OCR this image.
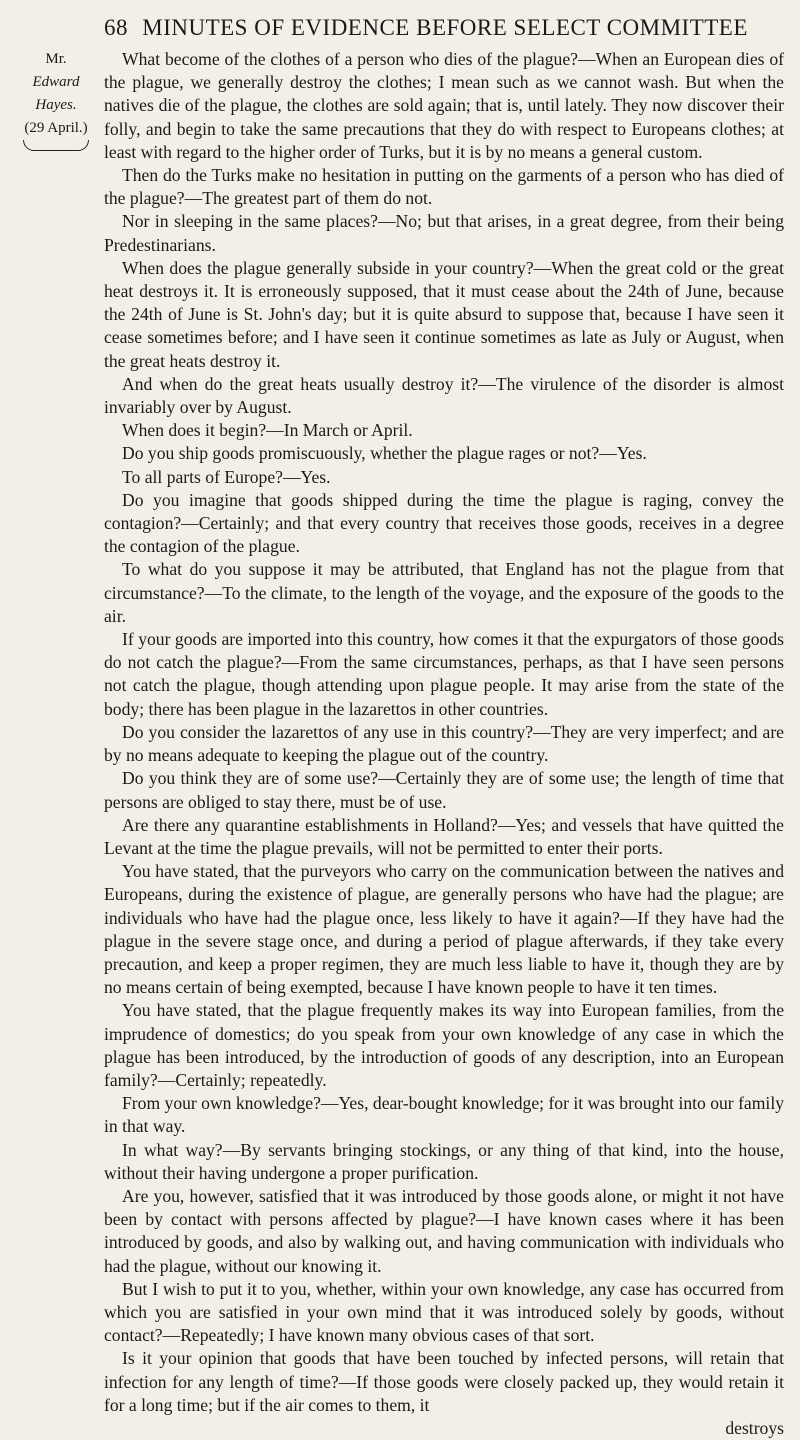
68 MINUTES OF EVIDENCE BEFORE SELECT COMMITTEE
Mr.
Edward Hayes.
(29 April.)

What become of the clothes of a person who dies of the plague?—When an European dies of the plague, we generally destroy the clothes; I mean such as we cannot wash. But when the natives die of the plague, the clothes are sold again; that is, until lately. They now discover their folly, and begin to take the same precautions that they do with respect to Europeans clothes; at least with regard to the higher order of Turks, but it is by no means a general custom.

Then do the Turks make no hesitation in putting on the garments of a person who has died of the plague?—The greatest part of them do not.

Nor in sleeping in the same places?—No; but that arises, in a great degree, from their being Predestinarians.

When does the plague generally subside in your country?—When the great cold or the great heat destroys it. It is erroneously supposed, that it must cease about the 24th of June, because the 24th of June is St. John's day; but it is quite absurd to suppose that, because I have seen it cease sometimes before; and I have seen it continue sometimes as late as July or August, when the great heats destroy it.

And when do the great heats usually destroy it?—The virulence of the disorder is almost invariably over by August.

When does it begin?—In March or April.

Do you ship goods promiscuously, whether the plague rages or not?—Yes.

To all parts of Europe?—Yes.

Do you imagine that goods shipped during the time the plague is raging, convey the contagion?—Certainly; and that every country that receives those goods, receives in a degree the contagion of the plague.

To what do you suppose it may be attributed, that England has not the plague from that circumstance?—To the climate, to the length of the voyage, and the exposure of the goods to the air.

If your goods are imported into this country, how comes it that the expurgators of those goods do not catch the plague?—From the same circumstances, perhaps, as that I have seen persons not catch the plague, though attending upon plague people. It may arise from the state of the body; there has been plague in the lazarettos in other countries.

Do you consider the lazarettos of any use in this country?—They are very imperfect; and are by no means adequate to keeping the plague out of the country.

Do you think they are of some use?—Certainly they are of some use; the length of time that persons are obliged to stay there, must be of use.

Are there any quarantine establishments in Holland?—Yes; and vessels that have quitted the Levant at the time the plague prevails, will not be permitted to enter their ports.

You have stated, that the purveyors who carry on the communication between the natives and Europeans, during the existence of plague, are generally persons who have had the plague; are individuals who have had the plague once, less likely to have it again?—If they have had the plague in the severe stage once, and during a period of plague afterwards, if they take every precaution, and keep a proper regimen, they are much less liable to have it, though they are by no means certain of being exempted, because I have known people to have it ten times.

You have stated, that the plague frequently makes its way into European families, from the imprudence of domestics; do you speak from your own knowledge of any case in which the plague has been introduced, by the introduction of goods of any description, into an European family?—Certainly; repeatedly.

From your own knowledge?—Yes, dear-bought knowledge; for it was brought into our family in that way.

In what way?—By servants bringing stockings, or any thing of that kind, into the house, without their having undergone a proper purification.

Are you, however, satisfied that it was introduced by those goods alone, or might it not have been by contact with persons affected by plague?—I have known cases where it has been introduced by goods, and also by walking out, and having communication with individuals who had the plague, without our knowing it.

But I wish to put it to you, whether, within your own knowledge, any case has occurred from which you are satisfied in your own mind that it was introduced solely by goods, without contact?—Repeatedly; I have known many obvious cases of that sort.

Is it your opinion that goods that have been touched by infected persons, will retain that infection for any length of time?—If those goods were closely packed up, they would retain it for a long time; but if the air comes to them, it

destroys
